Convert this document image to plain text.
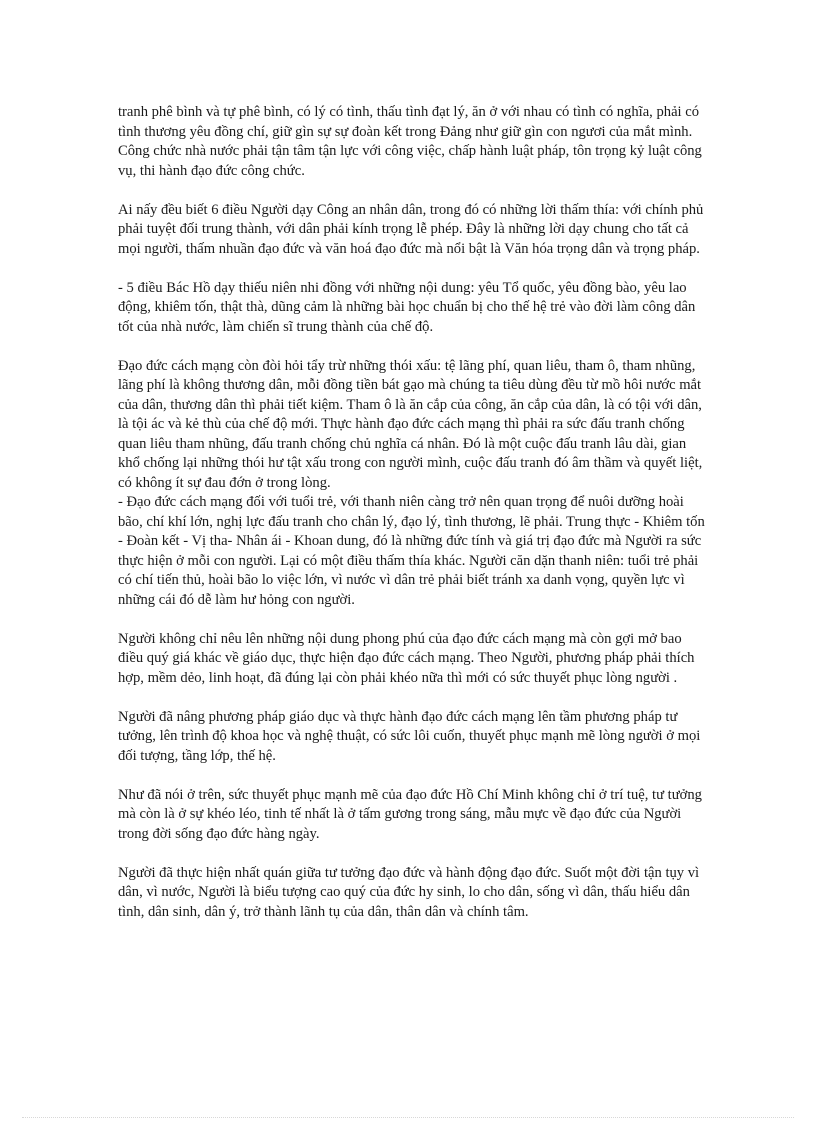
tranh phê bình và tự phê bình, có lý có tình, thấu tình đạt lý, ăn ở với nhau có tình có nghĩa, phải có tình thương yêu đồng chí, giữ gìn sự sự đoàn kết trong Đảng như giữ gìn con ngươi của mắt mình. Công chức nhà nước phải tận tâm tận lực với công việc, chấp hành luật pháp, tôn trọng kỷ luật công vụ, thi hành đạo đức công chức.

Ai nấy đều biết 6 điều Người dạy Công an nhân dân, trong đó có những lời thấm thía: với chính phủ phải tuyệt đối trung thành, với dân phải kính trọng lễ phép. Đây là những lời dạy chung cho tất cả mọi người, thấm nhuần đạo đức và văn hoá đạo đức mà nổi bật là Văn hóa trọng dân và trọng pháp.

- 5 điều Bác Hồ dạy thiếu niên nhi đồng với những nội dung: yêu Tổ quốc, yêu đồng bào, yêu lao động, khiêm tốn, thật thà, dũng cảm là những bài học chuẩn bị cho thế hệ trẻ vào đời làm công dân tốt của nhà nước, làm chiến sĩ trung thành của chế độ.

Đạo đức cách mạng còn đòi hỏi tẩy trừ những thói xấu: tệ lãng phí, quan liêu, tham ô, tham nhũng, lãng phí là không thương dân, mỗi đồng tiền bát gạo mà chúng ta tiêu dùng đều từ mồ hôi nước mắt của dân, thương dân thì phải tiết kiệm. Tham ô là ăn cắp của công, ăn cắp của dân, là có tội với dân, là tội ác và kẻ thù của chế độ mới. Thực hành đạo đức cách mạng thì phải ra sức đấu tranh chống quan liêu tham nhũng, đấu tranh chống chủ nghĩa cá nhân. Đó là một cuộc đấu tranh lâu dài, gian khổ chống lại những thói hư tật xấu trong con người mình, cuộc đấu tranh đó âm thầm và quyết liệt, có không ít sự đau đớn ở trong lòng.

- Đạo đức cách mạng đối với tuổi trẻ, với thanh niên càng trở nên quan trọng để nuôi dưỡng hoài bão, chí khí lớn, nghị lực đấu tranh cho chân lý, đạo lý, tình thương, lẽ phải. Trung thực - Khiêm tốn - Đoàn kết - Vị tha- Nhân ái - Khoan dung, đó là những đức tính và giá trị đạo đức mà Người ra sức thực hiện ở mỗi con người. Lại có một điều thấm thía khác. Người căn dặn thanh niên: tuổi trẻ phải có chí tiến thủ, hoài bão lo việc lớn, vì nước vì dân trẻ phải biết tránh xa danh vọng, quyền lực vì những cái đó dễ làm hư hỏng con người.

Người không chỉ nêu lên những nội dung phong phú của đạo đức cách mạng mà còn gợi mở bao điều quý giá khác về giáo dục, thực hiện đạo đức cách mạng. Theo Người, phương pháp phải thích hợp, mềm dẻo, linh hoạt, đã đúng lại còn phải khéo nữa thì mới có sức thuyết phục lòng người .

Người đã nâng phương pháp giáo dục và thực hành đạo đức cách mạng lên tầm phương pháp tư tưởng, lên trình độ khoa học và nghệ thuật, có sức lôi cuốn, thuyết phục mạnh mẽ lòng người ở mọi đối tượng, tầng lớp, thế hệ.

Như đã nói ở trên, sức thuyết phục mạnh mẽ của đạo đức Hồ Chí Minh không chỉ ở trí tuệ, tư tưởng mà còn là ở sự khéo léo, tinh tế nhất là ở tấm gương trong sáng, mẫu mực về đạo đức của Người trong đời sống đạo đức hàng ngày.

Người đã thực hiện nhất quán giữa tư tưởng đạo đức và hành động đạo đức. Suốt một đời tận tụy vì dân, vì nước, Người là biểu tượng cao quý của đức hy sinh, lo cho dân, sống vì dân, thấu hiểu dân tình, dân sinh, dân ý, trở thành lãnh tụ của dân, thân dân và chính tâm.
